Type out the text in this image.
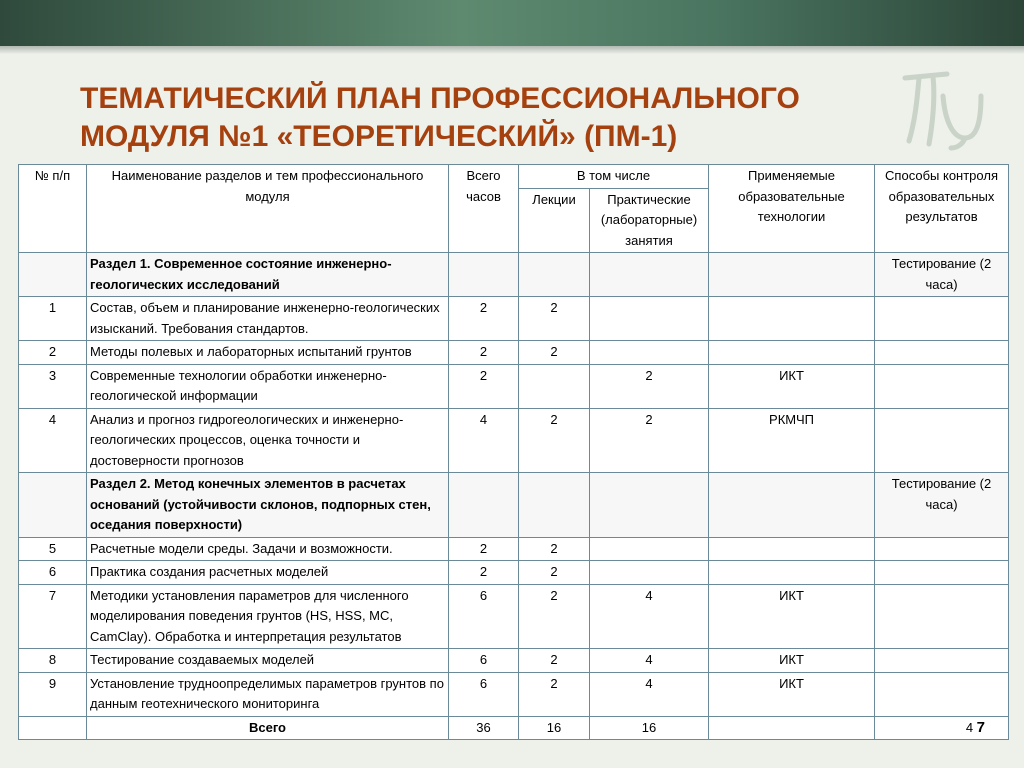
ТЕМАТИЧЕСКИЙ ПЛАН ПРОФЕССИОНАЛЬНОГО МОДУЛЯ №1 «ТЕОРЕТИЧЕСКИЙ» (ПМ-1)
№ п/п	Наименование разделов и тем профессионального модуля	Всего часов	В том числе		Применяемые образовательные технологии	Способы контроля образовательных результатов
			Лекции	Практические (лабораторные) занятия		
	Раздел 1. Современное состояние инженерно-геологических исследований					Тестирование (2 часа)
1	Состав, объем и планирование инженерно-геологических изысканий. Требования стандартов.	2	2			
2	Методы полевых и лабораторных испытаний грунтов	2	2			
3	Современные технологии обработки инженерно-геологической информации	2		2	ИКТ	
4	Анализ и прогноз гидрогеологических и инженерно-геологических процессов, оценка точности и достоверности прогнозов	4	2	2	РКМЧП	
	Раздел 2. Метод конечных элементов в расчетах оснований (устойчивости склонов, подпорных стен, оседания поверхности)					Тестирование (2 часа)
5	Расчетные модели среды. Задачи и возможности.	2	2			
6	Практика создания расчетных моделей	2	2			
7	Методики установления параметров для численного моделирования поведения грунтов (HS, HSS, MC, CamClay). Обработка и интерпретация результатов	6	2	4	ИКТ	
8	Тестирование создаваемых моделей	6	2	4	ИКТ	
9	Установление трудноопределимых параметров грунтов по данным геотехнического мониторинга	6	2	4	ИКТ	
	Всего	36	16	16		4 7
